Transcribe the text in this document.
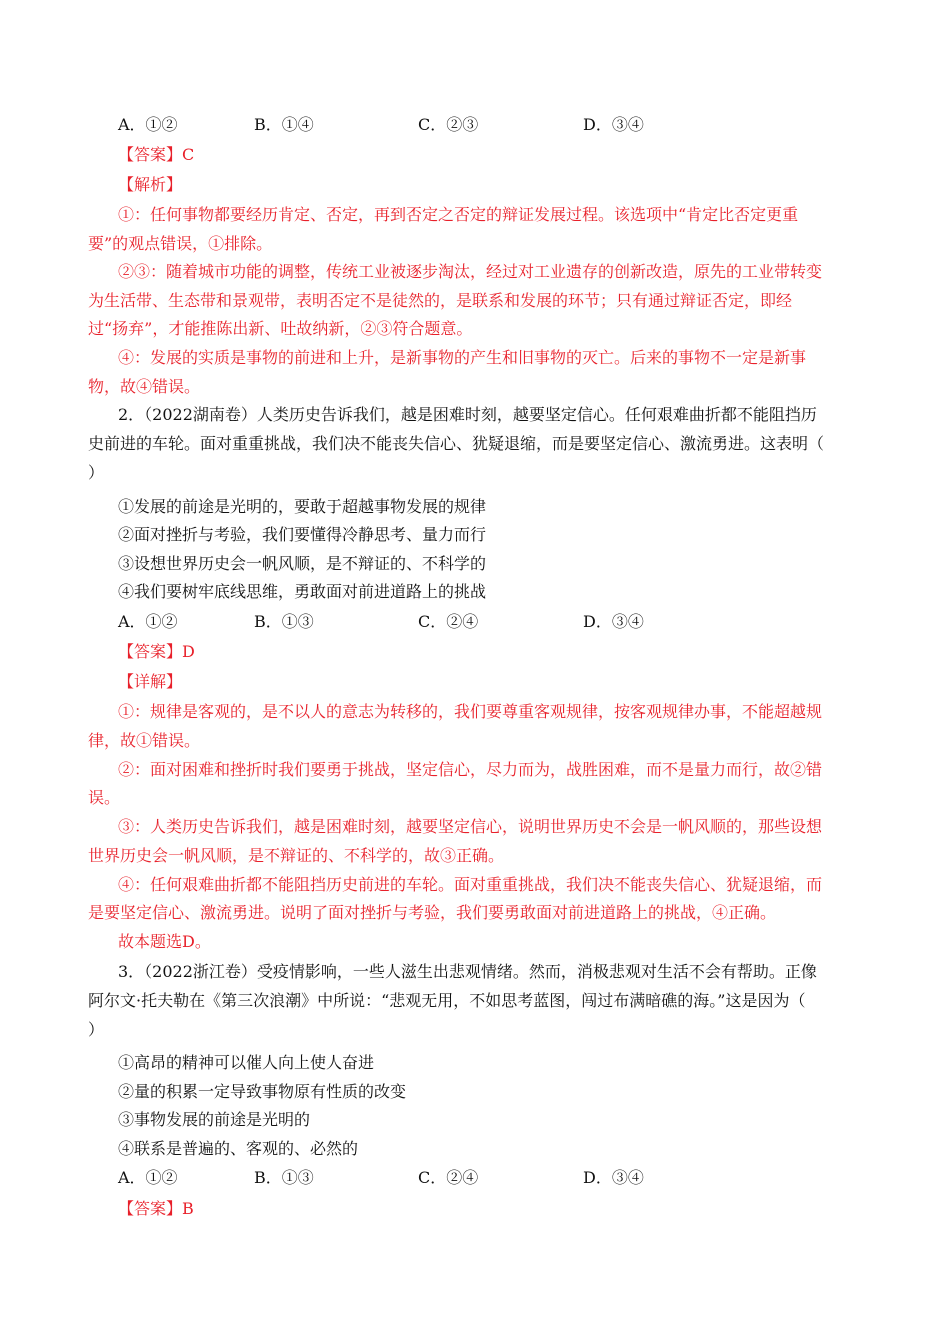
A．①②	B．①④	C．②③	D．③④
【答案】C
【解析】
①：任何事物都要经历肯定、否定，再到否定之否定的辩证发展过程。该选项中“肯定比否定更重
要”的观点错误，①排除。
②③：随着城市功能的调整，传统工业被逐步淘汰，经过对工业遗存的创新改造，原先的工业带转变
为生活带、生态带和景观带，表明否定不是徒然的，是联系和发展的环节；只有通过辩证否定，即经
过“扬弃”，才能推陈出新、吐故纳新，②③符合题意。
④：发展的实质是事物的前进和上升，是新事物的产生和旧事物的灭亡。后来的事物不一定是新事
物，故④错误。
2．（2022湖南卷）人类历史告诉我们，越是困难时刻，越要坚定信心。任何艰难曲折都不能阻挡历
史前进的车轮。面对重重挑战，我们决不能丧失信心、犹疑退缩，而是要坚定信心、激流勇进。这表明（
）
①发展的前途是光明的，要敢于超越事物发展的规律
②面对挫折与考验，我们要懂得冷静思考、量力而行
③设想世界历史会一帆风顺，是不辩证的、不科学的
④我们要树牢底线思维，勇敢面对前进道路上的挑战
A．①②	B．①③	C．②④	D．③④
【答案】D
【详解】
①：规律是客观的，是不以人的意志为转移的，我们要尊重客观规律，按客观规律办事，不能超越规
律，故①错误。
②：面对困难和挫折时我们要勇于挑战，坚定信心，尽力而为，战胜困难，而不是量力而行，故②错
误。
③：人类历史告诉我们，越是困难时刻，越要坚定信心，说明世界历史不会是一帆风顺的，那些设想
世界历史会一帆风顺，是不辩证的、不科学的，故③正确。
④：任何艰难曲折都不能阻挡历史前进的车轮。面对重重挑战，我们决不能丧失信心、犹疑退缩，而
是要坚定信心、激流勇进。说明了面对挫折与考验，我们要勇敢面对前进道路上的挑战，④正确。
故本题选D。
3．（2022浙江卷）受疫情影响，一些人滋生出悲观情绪。然而，消极悲观对生活不会有帮助。正像
阿尔文·托夫勒在《第三次浪潮》中所说：“悲观无用，不如思考蓝图，闯过布满暗礁的海。”这是因为（
）
①高昂的精神可以催人向上使人奋进
②量的积累一定导致事物原有性质的改变
③事物发展的前途是光明的
④联系是普遍的、客观的、必然的
A．①②	B．①③	C．②④	D．③④
【答案】B
